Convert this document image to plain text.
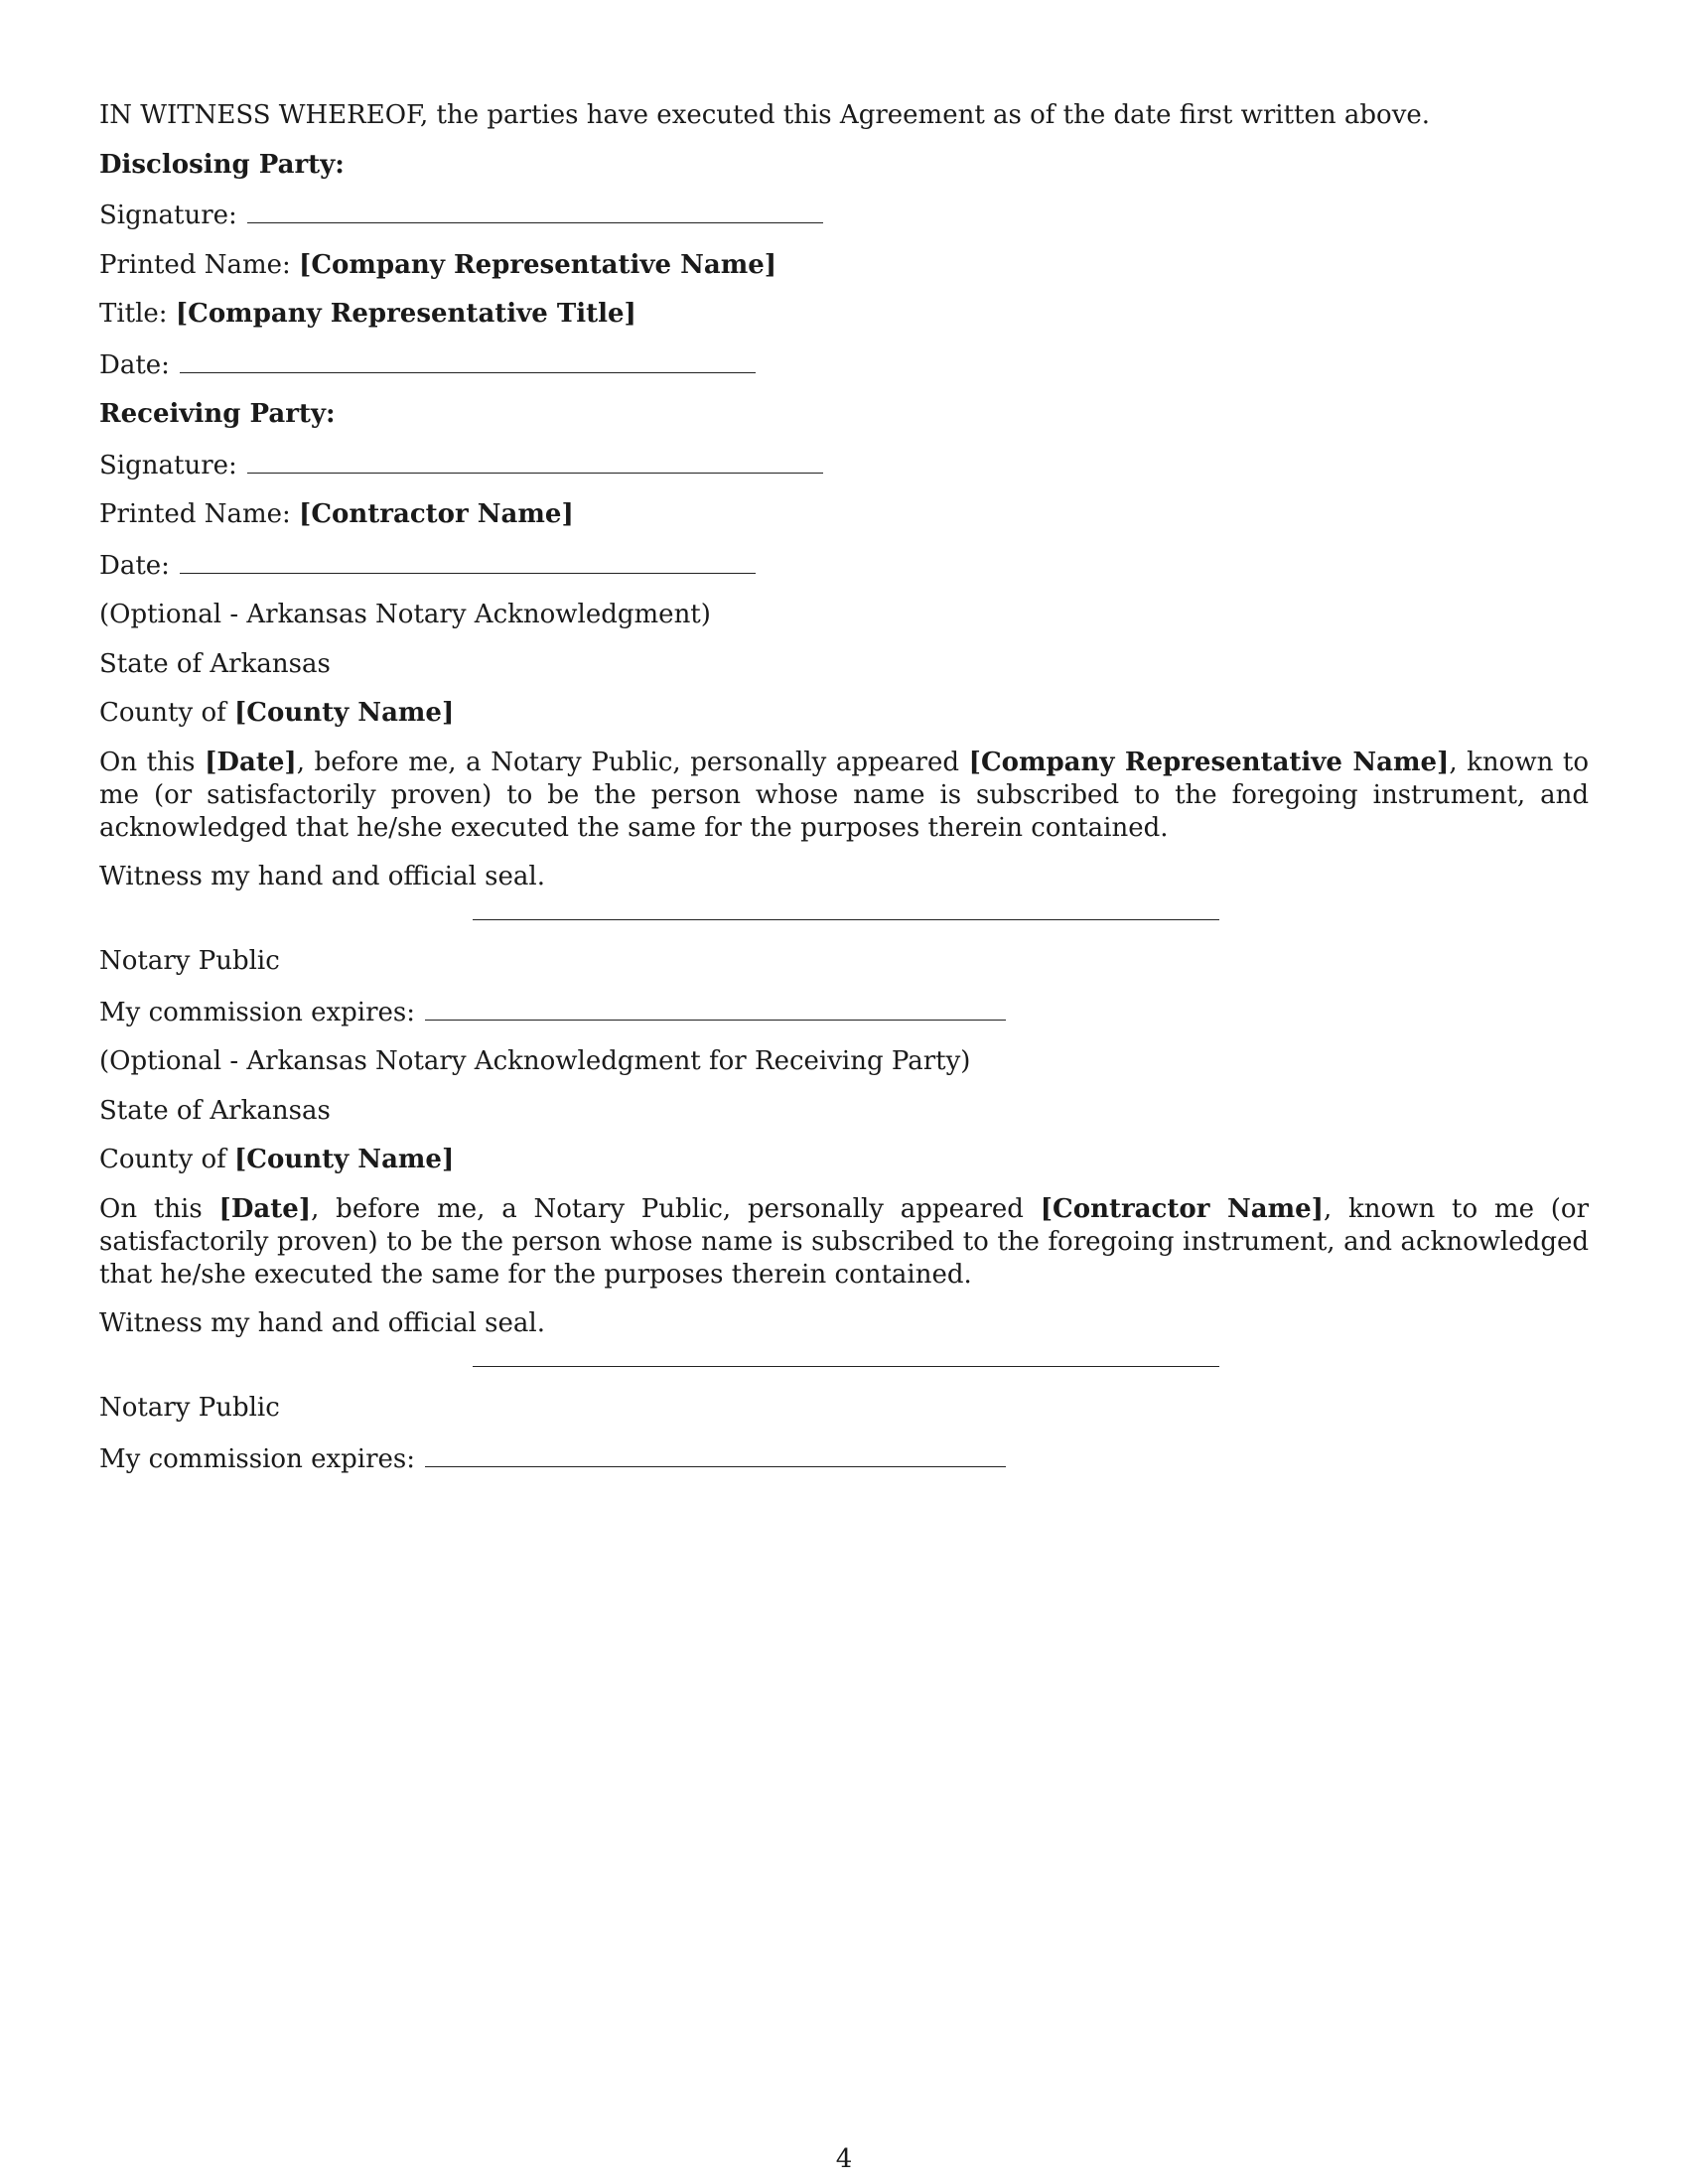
IN WITNESS WHEREOF, the parties have executed this Agreement as of the date first written above.

Disclosing Party:

Signature:

Printed Name: [Company Representative Name]

Title: [Company Representative Title]

Date:

Receiving Party:

Signature:

Printed Name: [Contractor Name]

Date:

(Optional - Arkansas Notary Acknowledgment)

State of Arkansas

County of [County Name]

On this [Date], before me, a Notary Public, personally appeared [Company Representative Name], known to me (or satisfactorily proven) to be the person whose name is subscribed to the foregoing instrument, and acknowledged that he/she executed the same for the purposes therein contained.

Witness my hand and official seal.

Notary Public

My commission expires:

(Optional - Arkansas Notary Acknowledgment for Receiving Party)

State of Arkansas

County of [County Name]

On this [Date], before me, a Notary Public, personally appeared [Contractor Name], known to me (or satisfactorily proven) to be the person whose name is subscribed to the foregoing instrument, and acknowledged that he/she executed the same for the purposes therein contained.

Witness my hand and official seal.

Notary Public

My commission expires:

4
